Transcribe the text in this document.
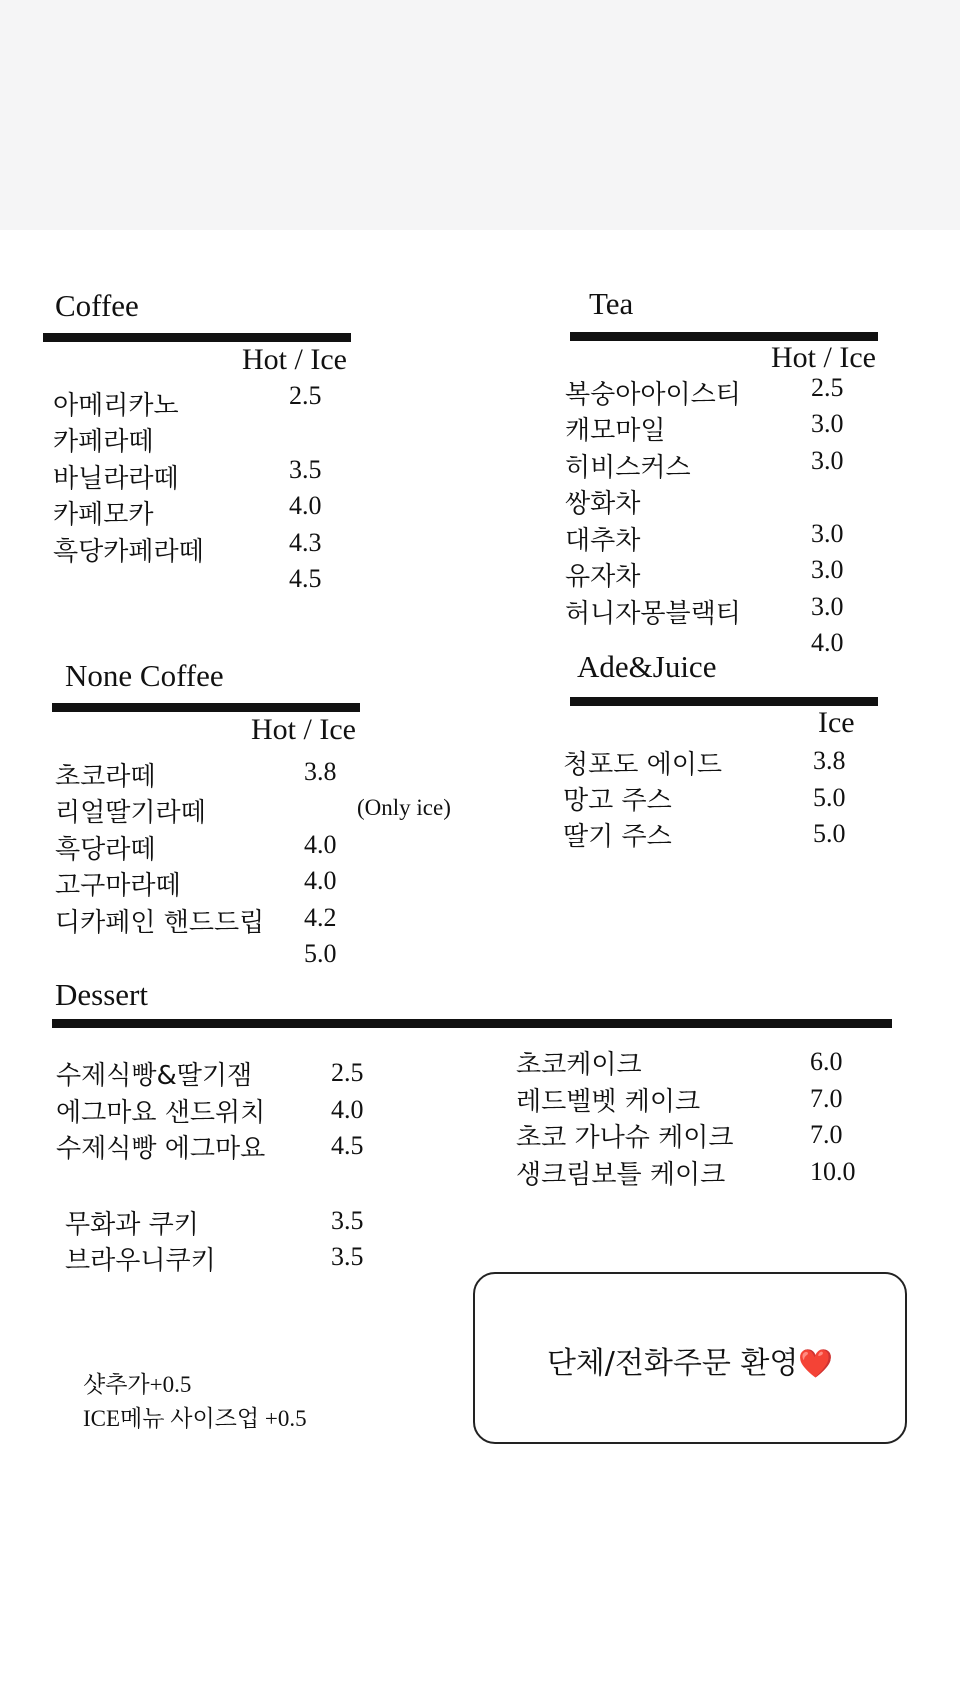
Coffee
Hot / Ice
아메리카노
카페라떼
바닐라라떼
카페모카
흑당카페라떼
2.5
3.5
4.0
4.3
4.5
Tea
Hot / Ice
복숭아아이스티
캐모마일
히비스커스
쌍화차
대추차
유자차
허니자몽블랙티
2.5
3.0
3.0
3.0
3.0
3.0
4.0
None Coffee
Hot / Ice
초코라떼
리얼딸기라떼
흑당라떼
고구마라떼
디카페인 핸드드립
(Only ice)
3.8
4.0
4.0
4.2
5.0
Ade&Juice
Ice
청포도 에이드
망고 주스
딸기 주스
3.8
5.0
5.0
Dessert
수제식빵&딸기잼
에그마요 샌드위치
수제식빵 에그마요
2.5
4.0
4.5
무화과 쿠키
브라우니쿠키
3.5
3.5
초코케이크
레드벨벳 케이크
초코 가나슈 케이크
생크림보틀 케이크
6.0
7.0
7.0
10.0
샷추가+0.5
ICE메뉴 사이즈업 +0.5
단체/전화주문 환영❤️
